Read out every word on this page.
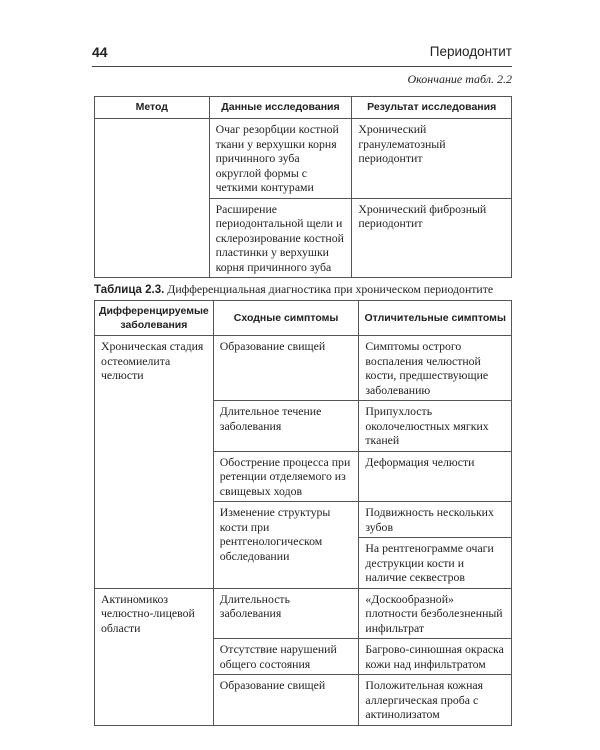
44	Периодонтит
Окончание табл. 2.2
Метод	Данные исследования	Результат исследования
	Очаг резорбции костной ткани у верхушки корня причинного зуба округлой формы с четкими контурами	Хронический гранулематозный периодонтит
	Расширение периодонтальной щели и склерозирование костной пластинки у верхушки корня причинного зуба	Хронический фиброзный периодонтит
Таблица 2.3. Дифференциальная диагностика при хроническом периодонтите
Дифференцируемые заболевания	Сходные симптомы	Отличительные симптомы
Хроническая стадия остеомиелита челюсти	Образование свищей	Симптомы острого воспаления челюстной кости, предшествующие заболеванию
	Длительное течение заболевания	Припухлость околочелюстных мягких тканей
	Обострение процесса при ретенции отделяемого из свищевых ходов	Деформация челюсти
	Изменение структуры кости при рентгенологическом обследовании	Подвижность нескольких зубов
		На рентгенограмме очаги деструкции кости и наличие секвестров
Актиномикоз челюстно-лицевой области	Длительность заболевания	«Доскообразной» плотности безболезненный инфильтрат
	Отсутствие нарушений общего состояния	Багрово-синюшная окраска кожи над инфильтратом
	Образование свищей	Положительная кожная аллергическая проба с актинолизатом
